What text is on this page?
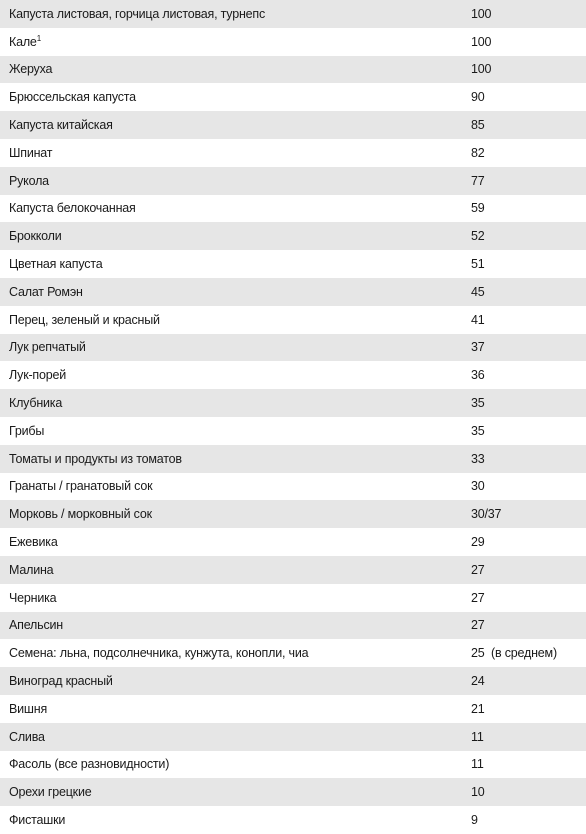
Капуста листовая, горчица листовая, турнепс	100
Кале$^1$	100
Жеруха	100
Брюссельская капуста	90
Капуста китайская	85
Шпинат	82
Рукола	77
Капуста белокочанная	59
Брокколи	52
Цветная капуста	51
Салат Ромэн	45
Перец, зеленый и красный	41
Лук репчатый	37
Лук-порей	36
Клубника	35
Грибы	35
Томаты и продукты из томатов	33
Гранаты / гранатовый сок	30
Морковь / морковный сок	30/37
Ежевика	29
Малина	27
Черника	27
Апельсин	27
Семена: льна, подсолнечника, кунжута, конопли, чиа	25  (в среднем)
Виноград красный	24
Вишня	21
Слива	11
Фасоль (все разновидности)	11
Орехи грецкие	10
Фисташки	9
